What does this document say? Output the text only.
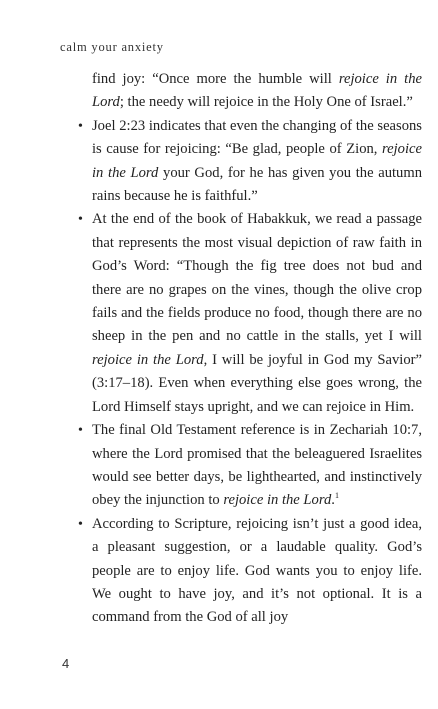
calm your anxiety

find joy: “Once more the humble will rejoice in the Lord; the needy will rejoice in the Holy One of Israel.”

• Joel 2:23 indicates that even the changing of the seasons is cause for rejoicing: “Be glad, people of Zion, rejoice in the Lord your God, for he has given you the autumn rains because he is faithful.”

• At the end of the book of Habakkuk, we read a passage that represents the most visual depiction of raw faith in God’s Word: “Though the fig tree does not bud and there are no grapes on the vines, though the olive crop fails and the fields produce no food, though there are no sheep in the pen and no cattle in the stalls, yet I will rejoice in the Lord, I will be joyful in God my Savior” (3:17–18). Even when everything else goes wrong, the Lord Himself stays upright, and we can rejoice in Him.

• The final Old Testament reference is in Zechariah 10:7, where the Lord promised that the beleaguered Israelites would see better days, be lighthearted, and instinctively obey the injunction to rejoice in the Lord.$^1$

• According to Scripture, rejoicing isn’t just a good idea, a pleasant suggestion, or a laudable quality. God’s people are to enjoy life. God wants you to enjoy life. We ought to have joy, and it’s not optional. It is a command from the God of all joy

4
